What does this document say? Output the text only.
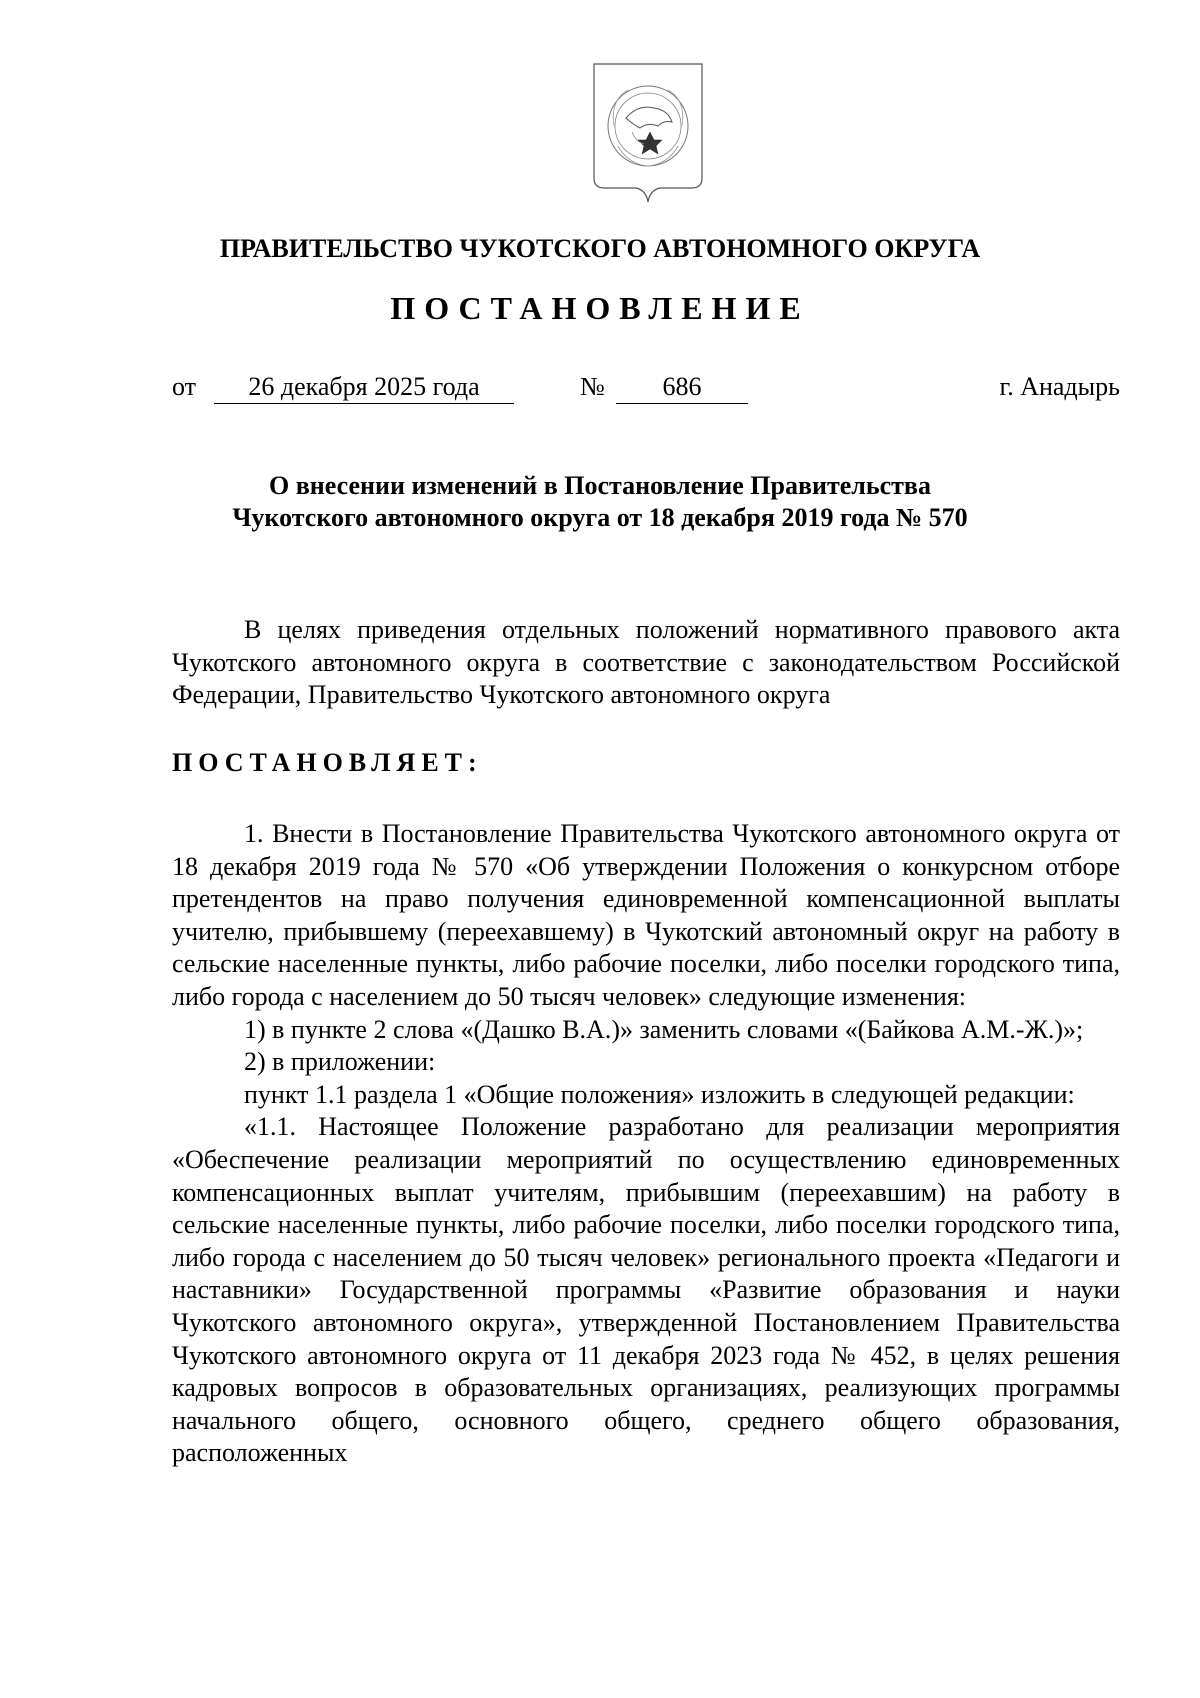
ПРАВИТЕЛЬСТВО ЧУКОТСКОГО АВТОНОМНОГО ОКРУГА
ПОСТАНОВЛЕНИЕ
от	26 декабря 2025 года	№	686	г. Анадырь
О внесении изменений в Постановление Правительства
Чукотского автономного округа от 18 декабря 2019 года № 570

В целях приведения отдельных положений нормативного правового акта Чукотского автономного округа в соответствие с законодательством Российской Федерации, Правительство Чукотского автономного округа

ПОСТАНОВЛЯЕТ:

1. Внести в Постановление Правительства Чукотского автономного округа от 18 декабря 2019 года № 570 «Об утверждении Положения о конкурсном отборе претендентов на право получения единовременной компенсационной выплаты учителю, прибывшему (переехавшему) в Чукотский автономный округ на работу в сельские населенные пункты, либо рабочие поселки, либо поселки городского типа, либо города с населением до 50 тысяч человек» следующие изменения:

1) в пункте 2 слова «(Дашко В.А.)» заменить словами «(Байкова А.М.-Ж.)»;

2) в приложении:

пункт 1.1 раздела 1 «Общие положения» изложить в следующей редакции:

«1.1. Настоящее Положение разработано для реализации мероприятия «Обеспечение реализации мероприятий по осуществлению единовременных компенсационных выплат учителям, прибывшим (переехавшим) на работу в сельские населенные пункты, либо рабочие поселки, либо поселки городского типа, либо города с населением до 50 тысяч человек» регионального проекта «Педагоги и наставники» Государственной программы «Развитие образования и науки Чукотского автономного округа», утвержденной Постановлением Правительства Чукотского автономного округа от 11 декабря 2023 года № 452, в целях решения кадровых вопросов в образовательных организациях, реализующих программы начального общего, основного общего, среднего общего образования, расположенных
